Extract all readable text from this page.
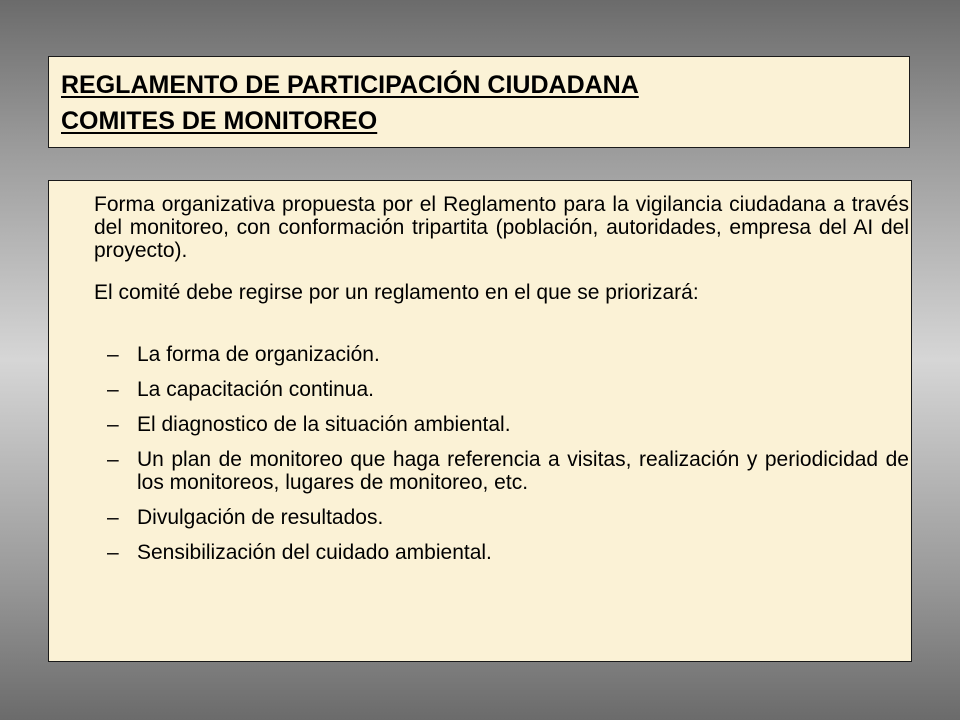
REGLAMENTO DE PARTICIPACIÓN CIUDADANA
COMITES DE MONITOREO

Forma organizativa propuesta por el Reglamento para la vigilancia ciudadana a través del monitoreo, con conformación tripartita (población, autoridades, empresa del AI del proyecto).

El comité debe regirse por un reglamento en el que se priorizará:

– La forma de organización.
– La capacitación continua.
– El diagnostico de la situación ambiental.
– Un plan de monitoreo que haga referencia a visitas, realización y periodicidad de los monitoreos, lugares de monitoreo, etc.
– Divulgación de resultados.
– Sensibilización del cuidado ambiental.
